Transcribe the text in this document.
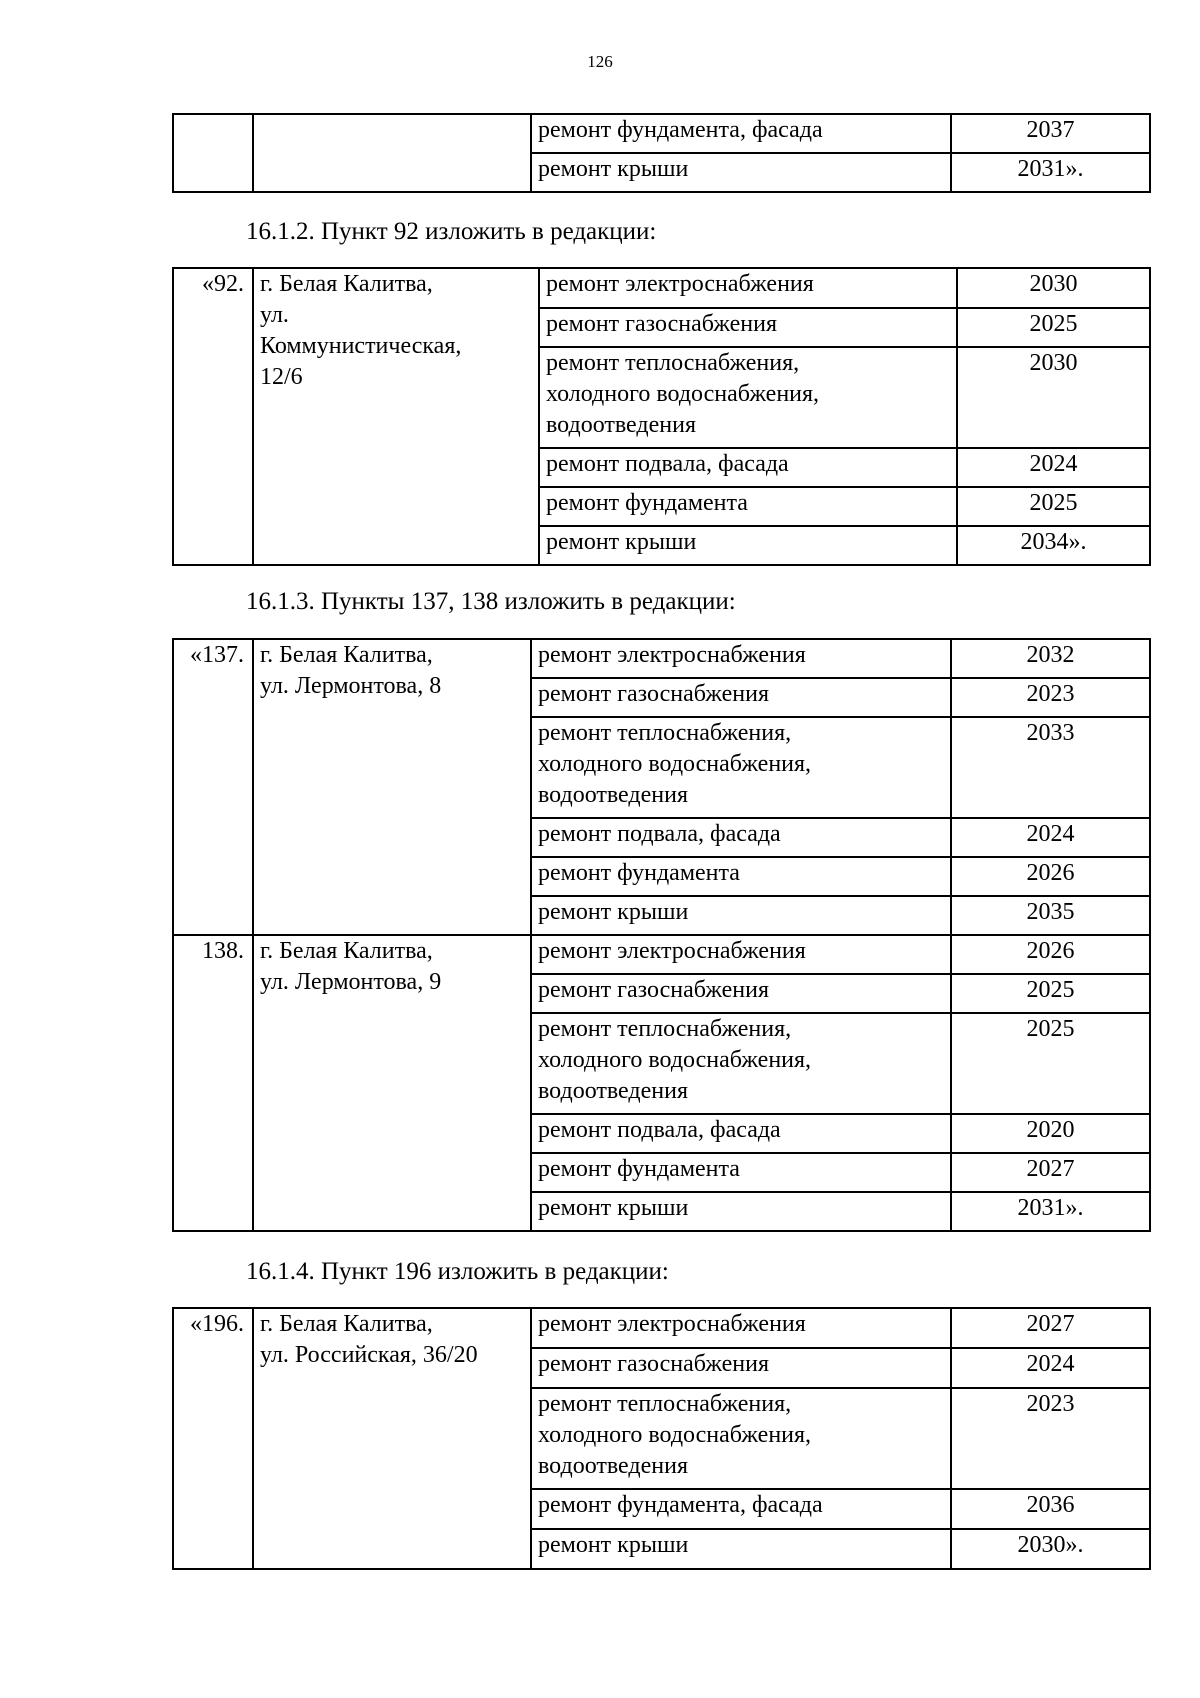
126
		ремонт фундамента, фасада	2037
		ремонт крыши	2031».
16.1.2. Пункт 92 изложить в редакции:
«92.	г. Белая Калитва,
ул.
Коммунистическая,
12/6	ремонт электроснабжения	2030

		ремонт газоснабжения	2025

		ремонт теплоснабжения,
холодного водоснабжения,
водоотведения	2030

		ремонт подвала, фасада	2024

		ремонт фундамента	2025

		ремонт крыши	2034».
16.1.3. Пункты 137, 138 изложить в редакции:
«137.	г. Белая Калитва,
ул. Лермонтова, 8	ремонт электроснабжения	2032

		ремонт газоснабжения	2023

		ремонт теплоснабжения,
холодного водоснабжения,
водоотведения	2033

		ремонт подвала, фасада	2024

		ремонт фундамента	2026

		ремонт крыши	2035
138.	г. Белая Калитва,
ул. Лермонтова, 9	ремонт электроснабжения	2026

		ремонт газоснабжения	2025

		ремонт теплоснабжения,
холодного водоснабжения,
водоотведения	2025

		ремонт подвала, фасада	2020

		ремонт фундамента	2027

		ремонт крыши	2031».
16.1.4. Пункт 196 изложить в редакции:
«196.	г. Белая Калитва,
ул. Российская, 36/20	ремонт электроснабжения	2027

		ремонт газоснабжения	2024

		ремонт теплоснабжения,
холодного водоснабжения,
водоотведения	2023

		ремонт фундамента, фасада	2036

		ремонт крыши	2030».
